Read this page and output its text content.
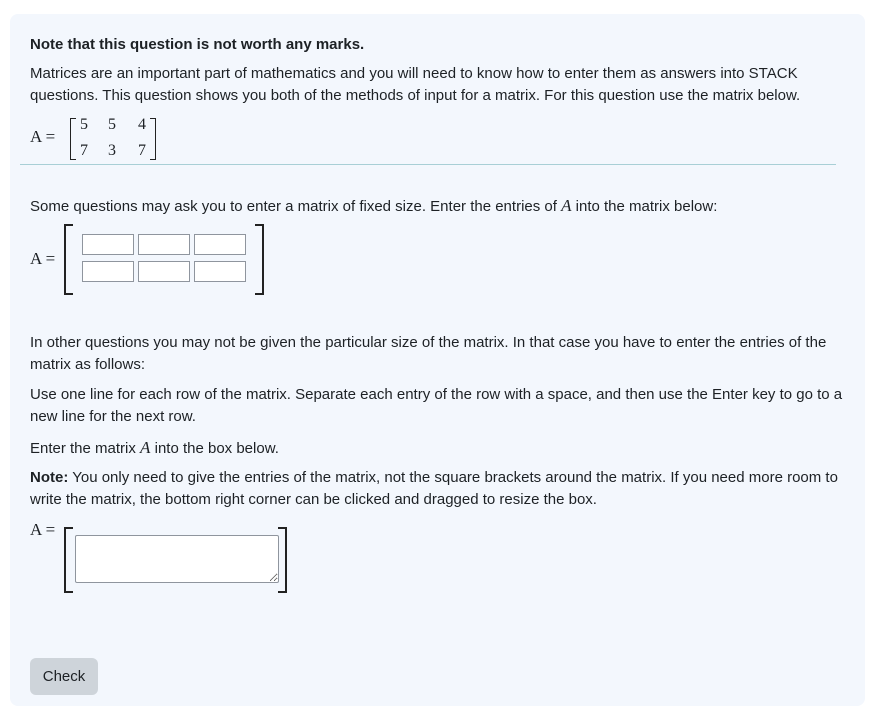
Note that this question is not worth any marks.

Matrices are an important part of mathematics and you will need to know how to enter them as answers into STACK questions. This question shows you both of the methods of input for a matrix. For this question use the matrix below.

A =
5	5	4
7	3	7

Some questions may ask you to enter a matrix of fixed size. Enter the entries of A into the matrix below:

A =

In other questions you may not be given the particular size of the matrix. In that case you have to enter the entries of the matrix as follows:

Use one line for each row of the matrix. Separate each entry of the row with a space, and then use the Enter key to go to a new line for the next row.

Enter the matrix A into the box below.

Note: You only need to give the entries of the matrix, not the square brackets around the matrix. If you need more room to write the matrix, the bottom right corner can be clicked and dragged to resize the box.

A =
Check
